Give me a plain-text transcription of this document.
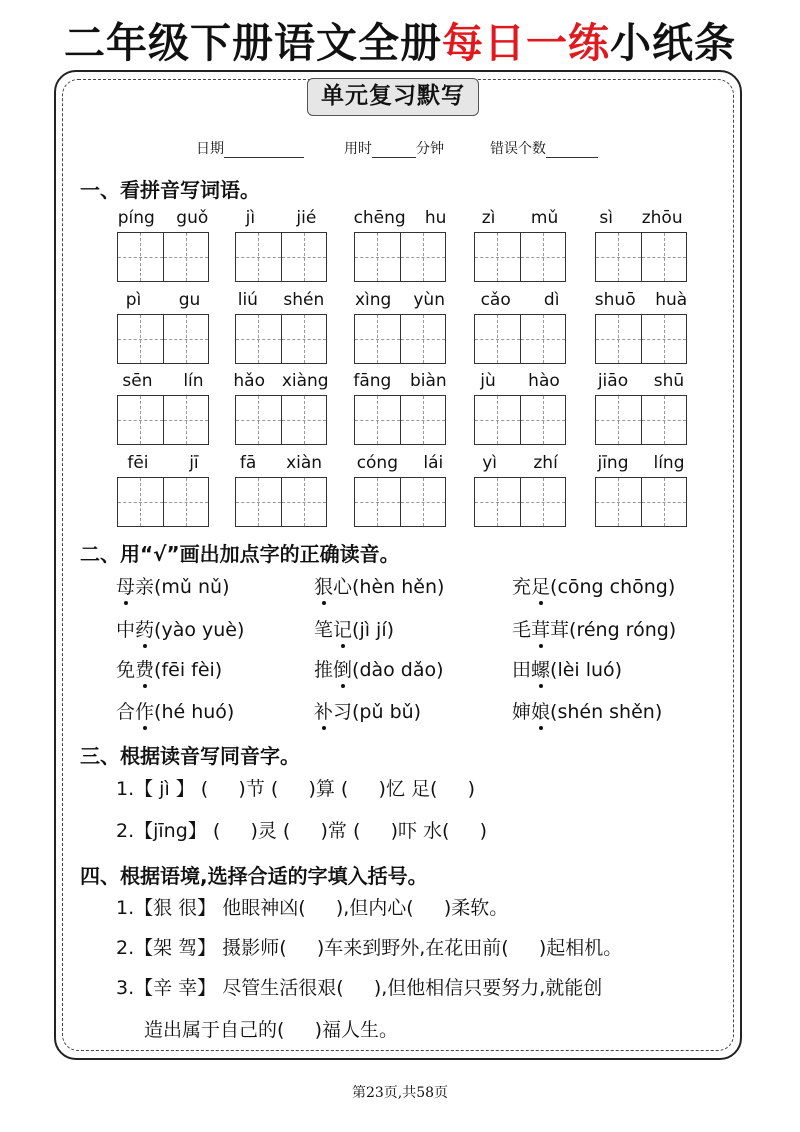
二年级下册语文全册每日一练小纸条
单元复习默写
日期	用时	分钟	错误个数
一、看拼音写词语。
píng guǒ jì jié chēng hu zì mǔ sì zhōu
pì gu liú shén xìng yùn cǎo dì shuō huà
sēn lín hǎo xiàng fāng biàn jù hào jiāo shū
fēi jī fā xiàn cóng lái yì zhí jīng líng
二、用“√”画出加点字的正确读音。
母亲(mǔ nǔ)	狠心(hèn hěn)	充足(cōng chōng)
中药(yào yuè)	笔记(jì jí)	毛茸茸(réng róng)
免费(fēi fèi)	推倒(dào dǎo)	田螺(lèi luó)
合作(hé huó)	补习(pǔ bǔ)	婶娘(shén shěn)
三、根据读音写同音字。
1.【 jì 】 (     )节 (     )算 (     )忆 足(     )
2.【jīng】 (     )灵 (     )常 (     )吓 水(     )
四、根据语境,选择合适的字填入括号。
1.【狠 很】 他眼神凶(     ),但内心(     )柔软。
2.【架 驾】 摄影师(     )车来到野外,在花田前(     )起相机。
3.【辛 幸】 尽管生活很艰(     ),但他相信只要努力,就能创
造出属于自己的(     )福人生。
第23页,共58页
